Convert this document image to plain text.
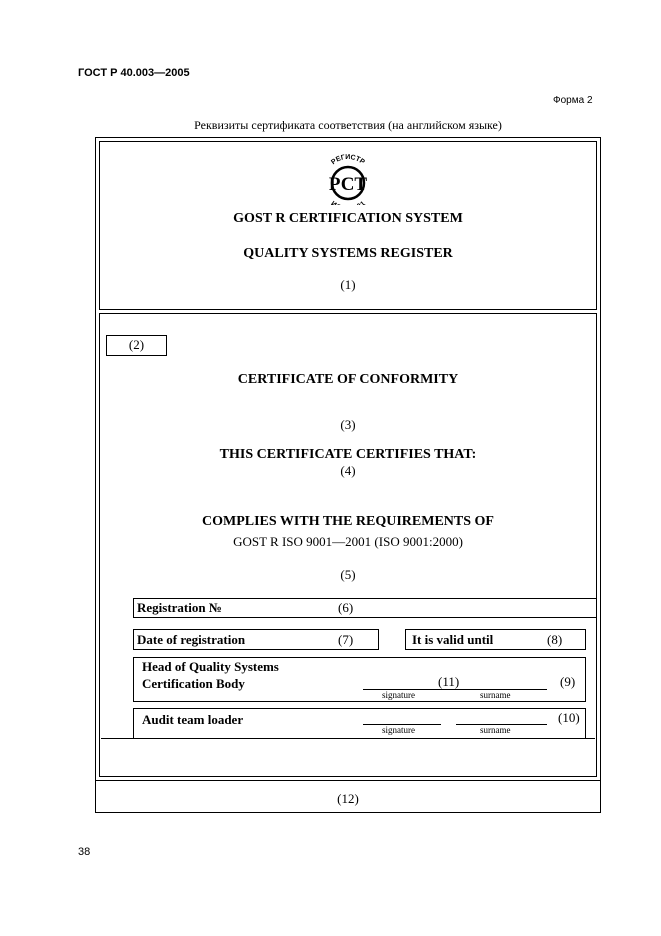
ГОСТ Р 40.003—2005
Форма 2
Реквизиты сертификата соответствия (на английском языке)
РЕГИСТР
И 1
РСТ
GOST R CERTIFICATION SYSTEM
QUALITY SYSTEMS REGISTER
(1)
(2)
CERTIFICATE OF CONFORMITY
(3)
THIS CERTIFICATE CERTIFIES THAT:
(4)
COMPLIES WITH THE REQUIREMENTS OF
GOST R ISO 9001—2001 (ISO 9001:2000)
(5)
Registration №	(6)
Date of registration	(7)	It is valid until	(8)
Head of Quality Systems
Certification Body	(11)	(9)
signature	surname
Audit team loader	(10)
signature	surname
(12)
38
